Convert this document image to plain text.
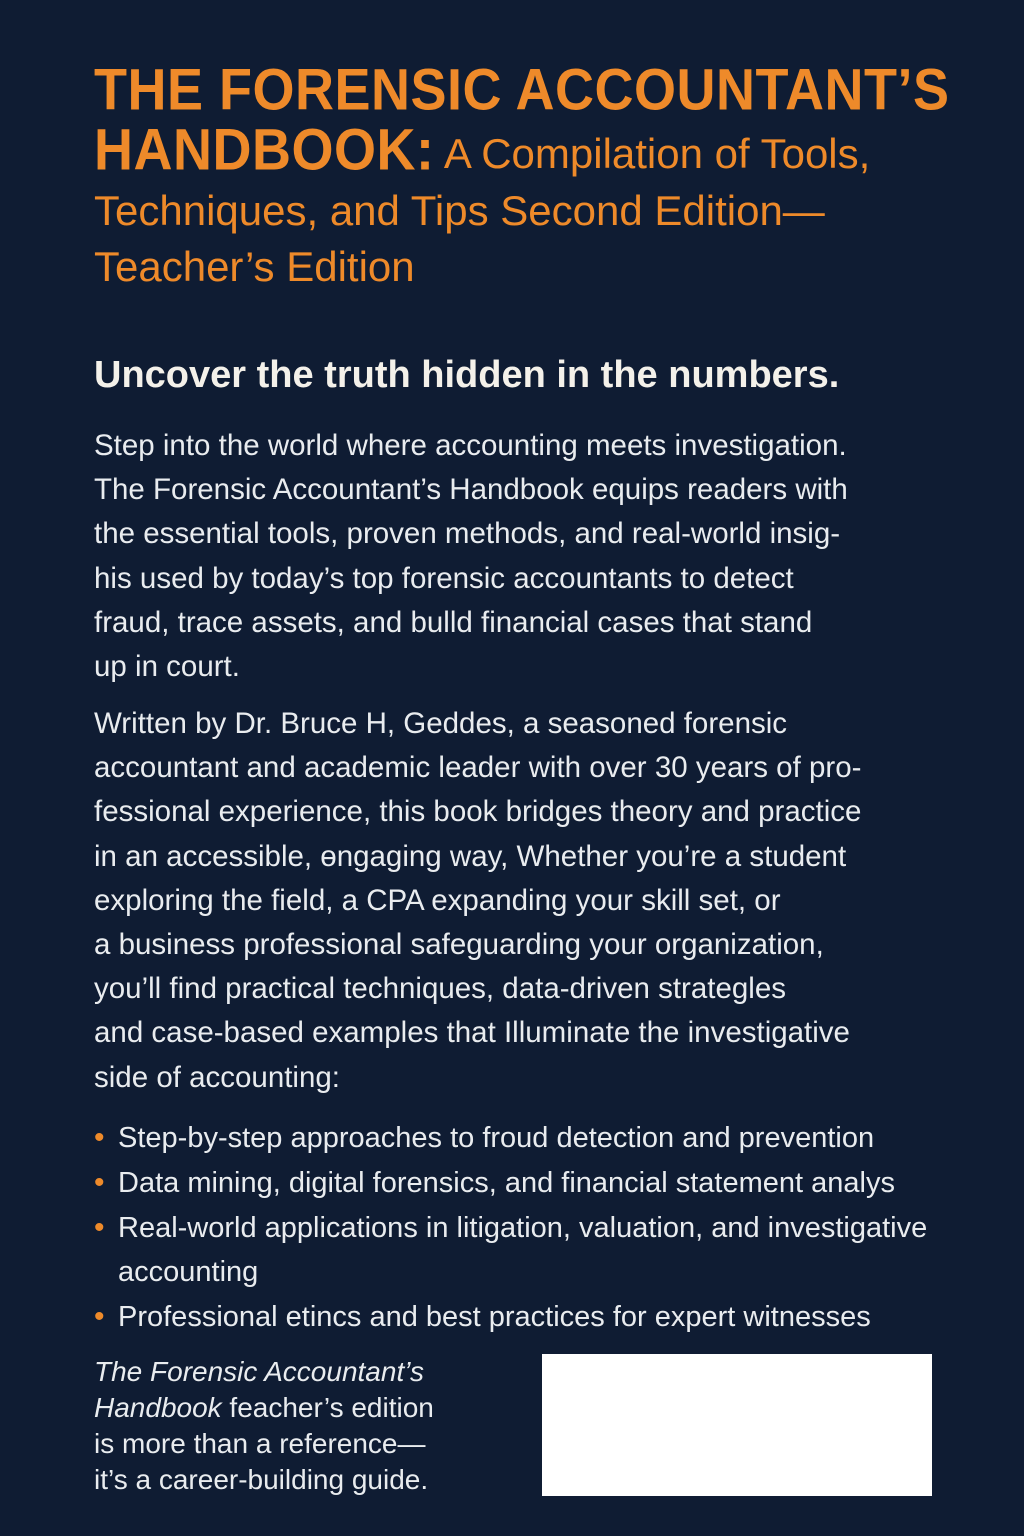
THE FORENSIC ACCOUNTANT’S
HANDBOOK: A Compilation of Tools,
Techniques, and Tips Second Edition—
Teacher’s Edition
Uncover the truth hidden in the numbers.

Step into the world where accounting meets investigation.
The Forensic Accountant’s Handbook equips readers with
the essential tools, proven methods, and real-world insig-
his used by today’s top forensic accountants to detect
fraud, trace assets, and bulld financial cases that stand
up in court.

Written by Dr. Bruce H, Geddes, a seasoned forensic
accountant and academic leader with over 30 years of pro-
fessional experience, this book bridges theory and practice
in an accessible, ɵngaging way, Whether you’re a student
exploring the field, a CPA expanding your skill set, or
a business professional safeguarding your organization,
you’ll find practical techniques, data-driven strategles
and case-based examples that Illuminate the investigative
side of accounting:

• Step-by-step approaches to froud detection and prevention
• Data mining, digital forensics, and financial statement analys
• Real-world applications in litigation, valuation, and investigative accounting
• Professional etincs and best practices for expert witnesses

The Forensic Accountant’s
Handbook feacher’s edition
is more than a reference—
it’s a career-building guide.
